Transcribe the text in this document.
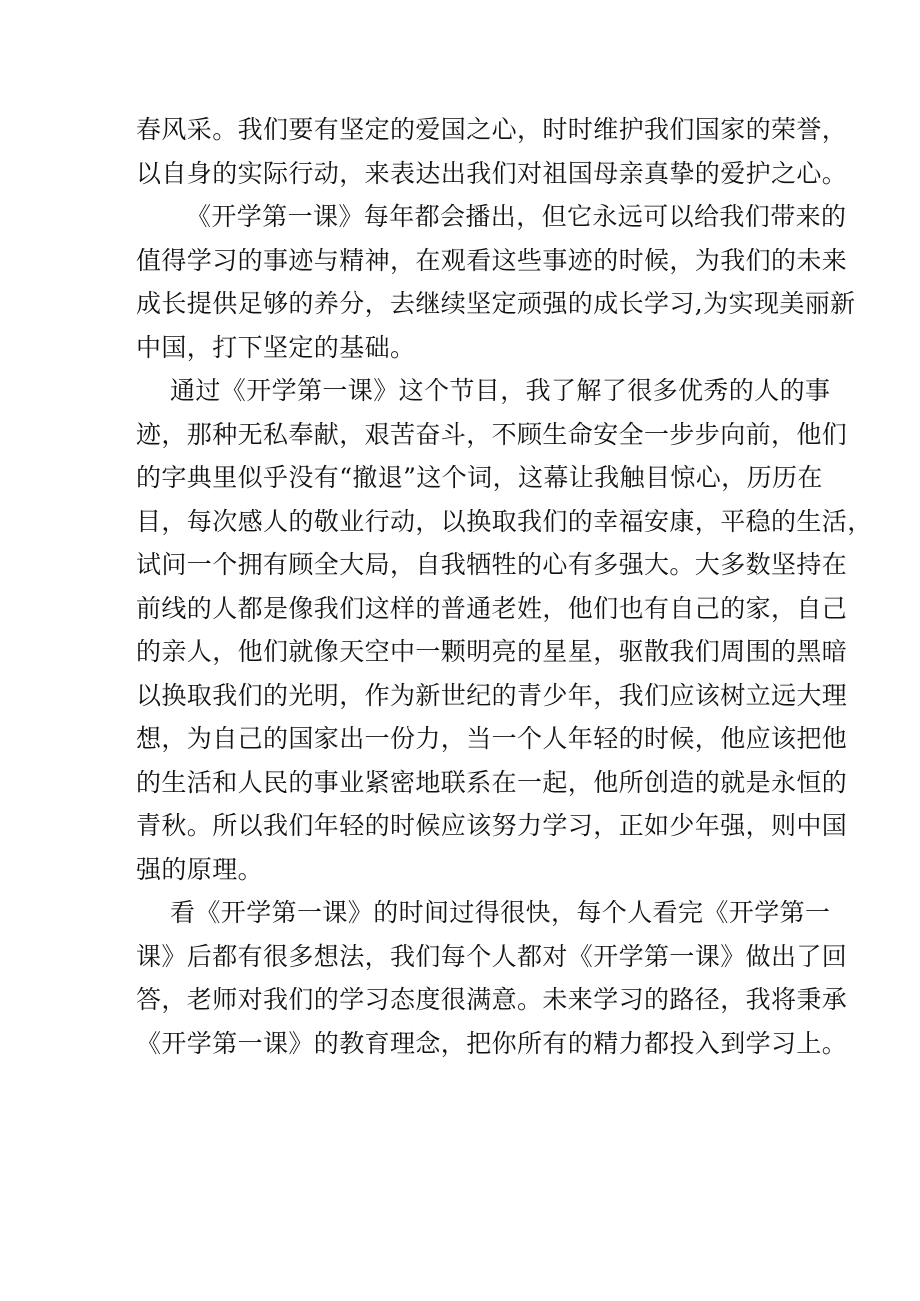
春风采。我们要有坚定的爱国之心，时时维护我们国家的荣誉，
以自身的实际行动，来表达出我们对祖国母亲真挚的爱护之心。
《开学第一课》每年都会播出，但它永远可以给我们带来的
值得学习的事迹与精神，在观看这些事迹的时候，为我们的未来
成长提供足够的养分，去继续坚定顽强的成长学习,为实现美丽新
中国，打下坚定的基础。
通过《开学第一课》这个节目，我了解了很多优秀的人的事
迹，那种无私奉献，艰苦奋斗，不顾生命安全一步步向前，他们
的字典里似乎没有“撤退”这个词，这幕让我触目惊心，历历在
目，每次感人的敬业行动，以换取我们的幸福安康，平稳的生活，
试问一个拥有顾全大局，自我牺牲的心有多强大。大多数坚持在
前线的人都是像我们这样的普通老姓，他们也有自己的家，自己
的亲人，他们就像天空中一颗明亮的星星，驱散我们周围的黑暗
以换取我们的光明，作为新世纪的青少年，我们应该树立远大理
想，为自己的国家出一份力，当一个人年轻的时候，他应该把他
的生活和人民的事业紧密地联系在一起，他所创造的就是永恒的
青秋。所以我们年轻的时候应该努力学习，正如少年强，则中国
强的原理。
看《开学第一课》的时间过得很快，每个人看完《开学第一
课》后都有很多想法，我们每个人都对《开学第一课》做出了回
答，老师对我们的学习态度很满意。未来学习的路径，我将秉承
《开学第一课》的教育理念，把你所有的精力都投入到学习上。
